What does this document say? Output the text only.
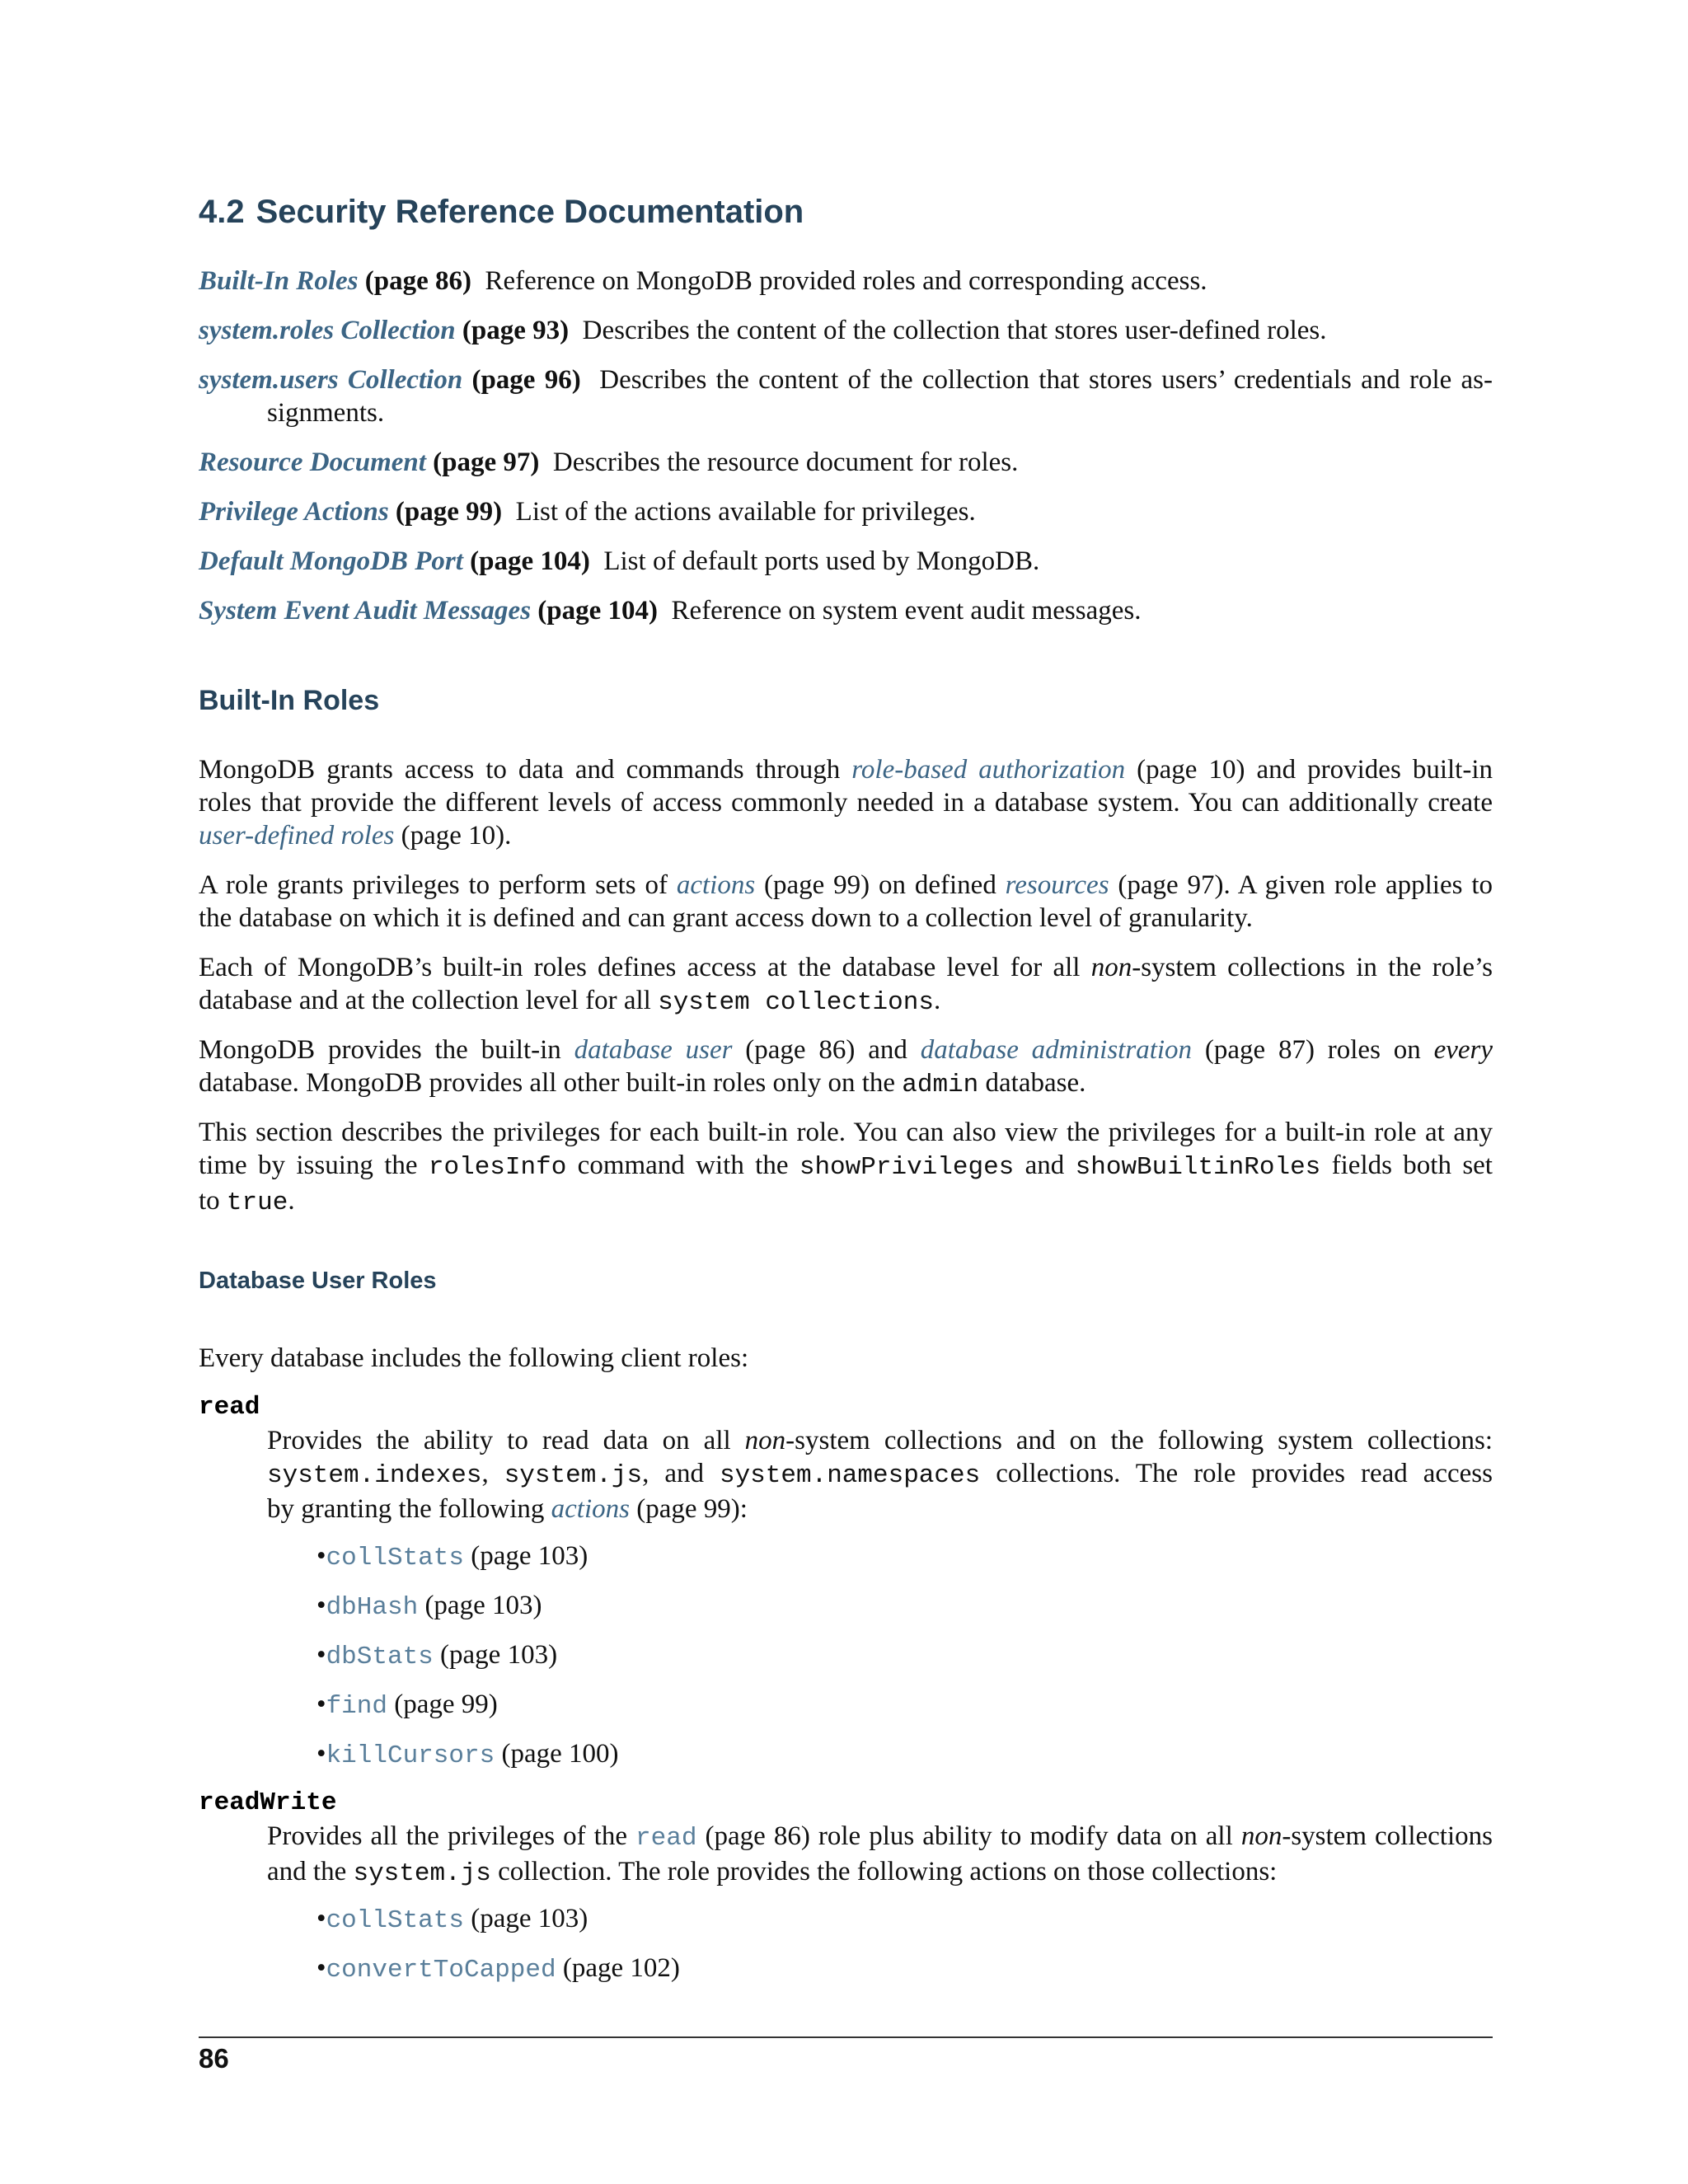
4.2 Security Reference Documentation
Built-In Roles (page 86) Reference on MongoDB provided roles and corresponding access.
system.roles Collection (page 93) Describes the content of the collection that stores user-defined roles.
system.users Collection (page 96) Describes the content of the collection that stores users’ credentials and role as-
signments.
Resource Document (page 97) Describes the resource document for roles.
Privilege Actions (page 99) List of the actions available for privileges.
Default MongoDB Port (page 104) List of default ports used by MongoDB.
System Event Audit Messages (page 104) Reference on system event audit messages.
Built-In Roles
MongoDB grants access to data and commands through role-based authorization (page 10) and provides built-in
roles that provide the different levels of access commonly needed in a database system. You can additionally create
user-defined roles (page 10).
A role grants privileges to perform sets of actions (page 99) on defined resources (page 97). A given role applies to
the database on which it is defined and can grant access down to a collection level of granularity.
Each of MongoDB’s built-in roles defines access at the database level for all non-system collections in the role’s
database and at the collection level for all system collections.
MongoDB provides the built-in database user (page 86) and database administration (page 87) roles on every
database. MongoDB provides all other built-in roles only on the admin database.
This section describes the privileges for each built-in role. You can also view the privileges for a built-in role at any
time by issuing the rolesInfo command with the showPrivileges and showBuiltinRoles fields both set
to true.
Database User Roles
Every database includes the following client roles:
read
Provides the ability to read data on all non-system collections and on the following system collections:
system.indexes, system.js, and system.namespaces collections. The role provides read access
by granting the following actions (page 99):
•collStats (page 103)
•dbHash (page 103)
•dbStats (page 103)
•find (page 99)
•killCursors (page 100)
readWrite
Provides all the privileges of the read (page 86) role plus ability to modify data on all non-system collections
and the system.js collection. The role provides the following actions on those collections:
•collStats (page 103)
•convertToCapped (page 102)
86
